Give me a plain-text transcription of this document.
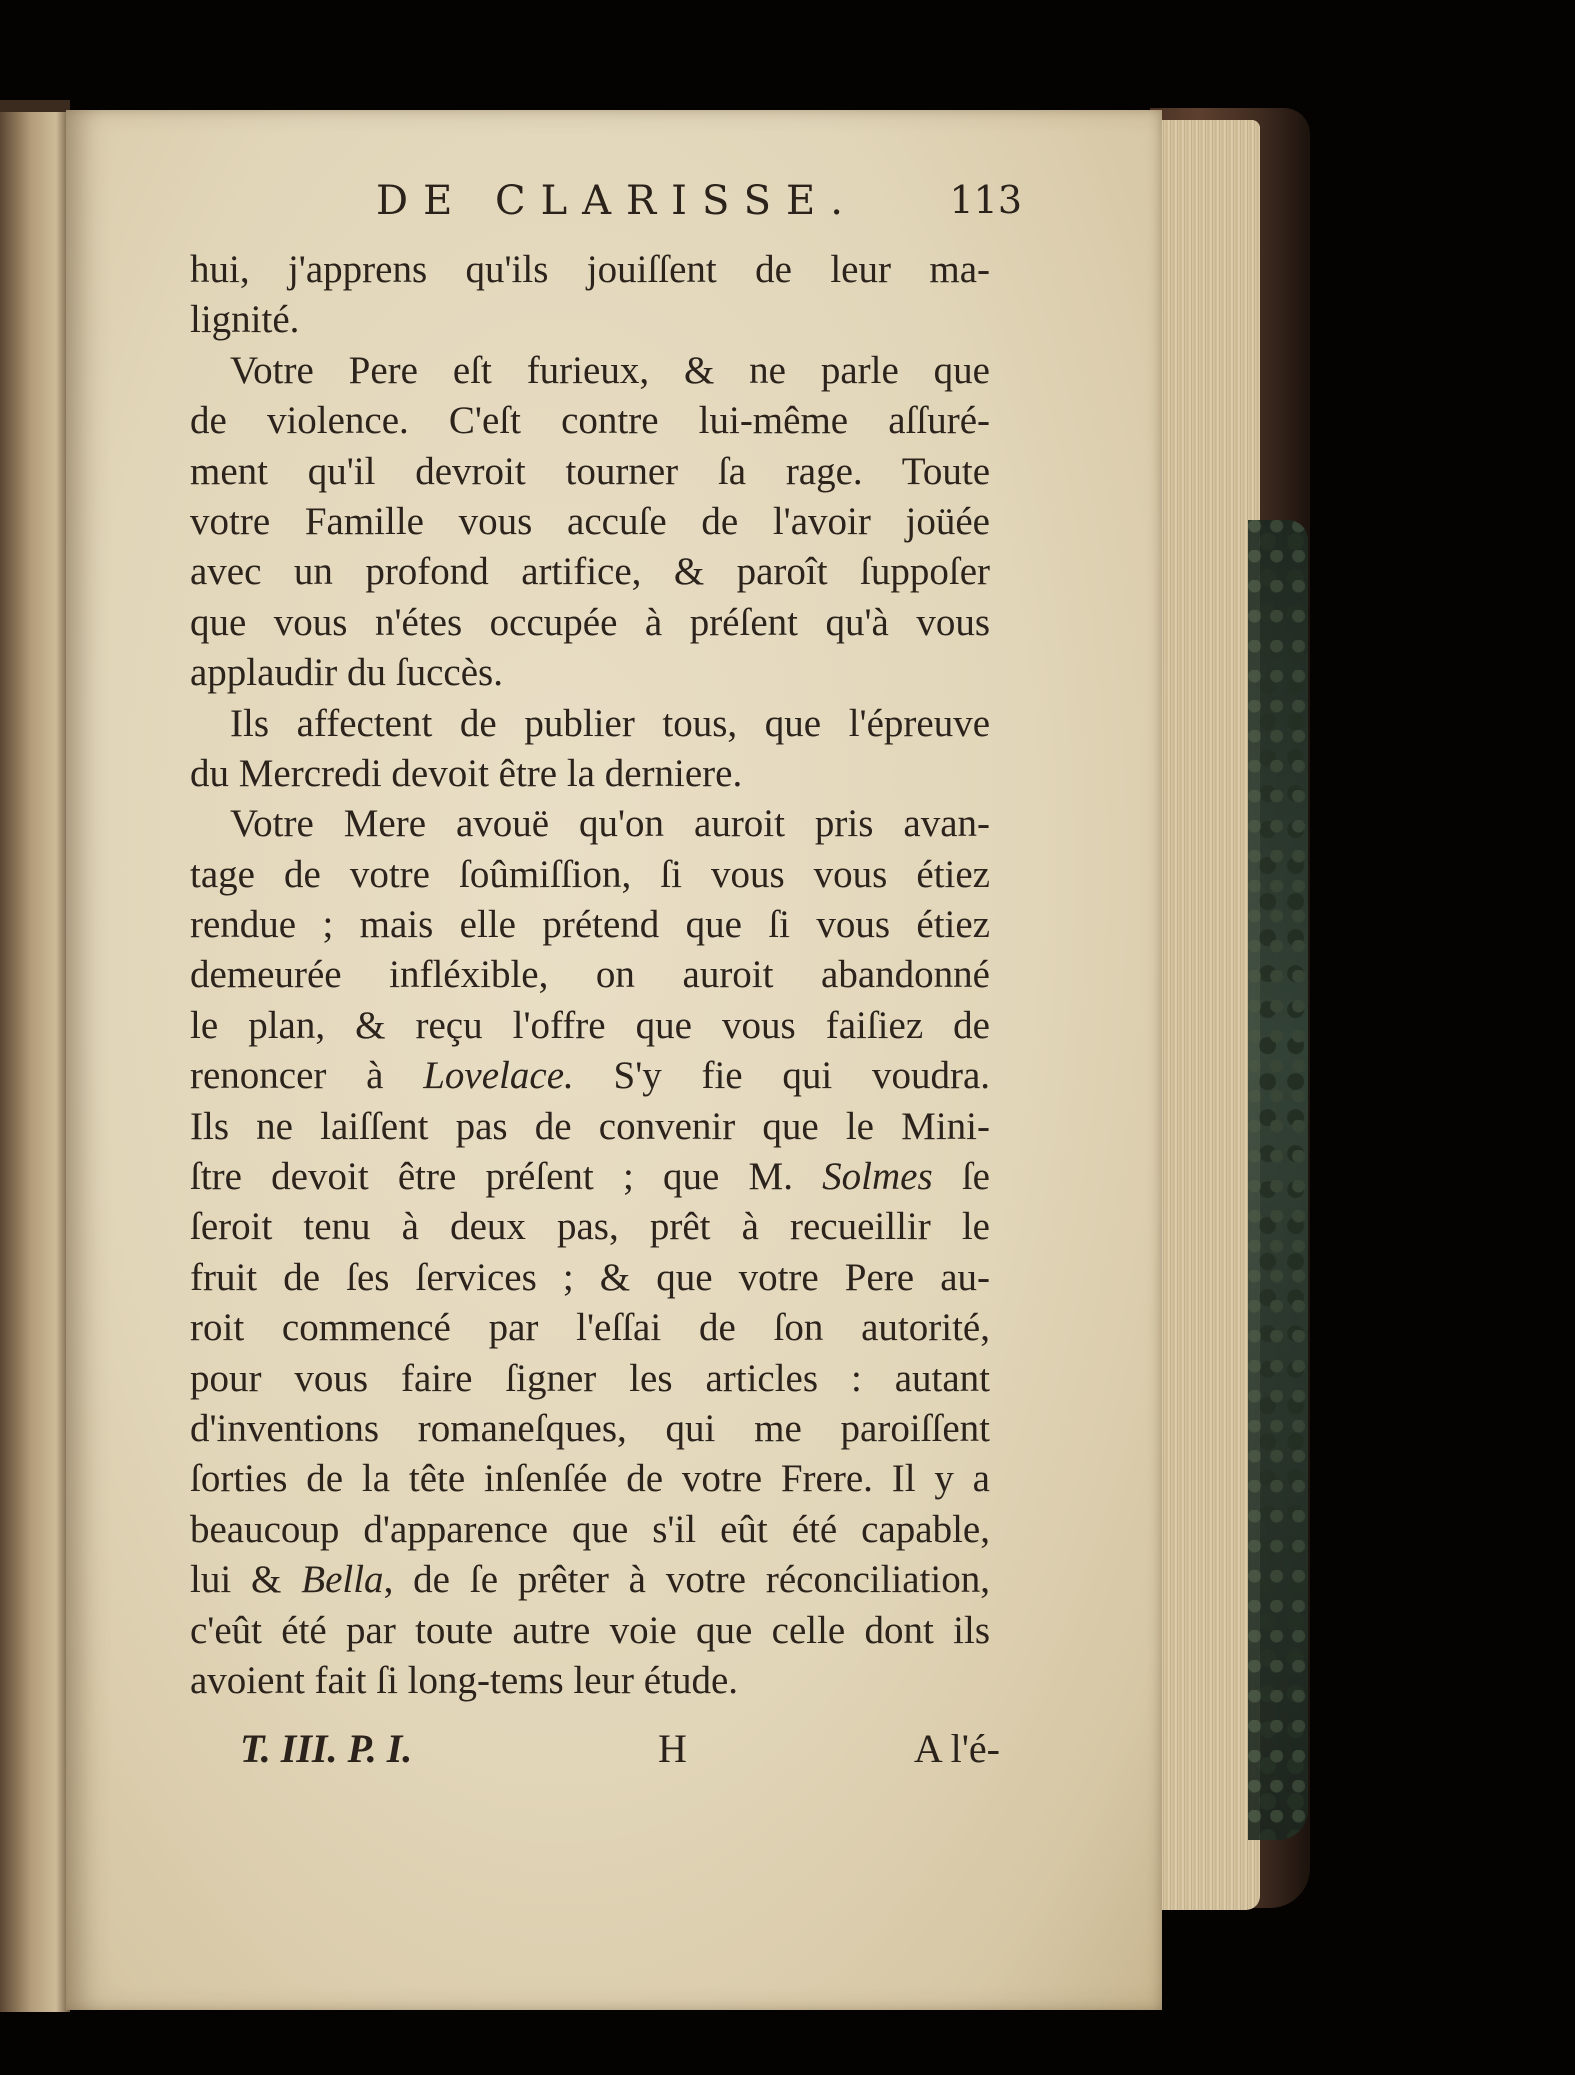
DE CLARISSE. 113
hui, j'apprens qu'ils jouiſſent de leur ma-
lignité.
Votre Pere eſt furieux, & ne parle que
de violence. C'eſt contre lui-même aſſuré-
ment qu'il devroit tourner ſa rage. Toute
votre Famille vous accuſe de l'avoir joüée
avec un profond artifice, & paroît ſuppoſer
que vous n'étes occupée à préſent qu'à vous
applaudir du ſuccès.
Ils affectent de publier tous, que l'épreuve
du Mercredi devoit être la derniere.
Votre Mere avouë qu'on auroit pris avan-
tage de votre ſoûmiſſion, ſi vous vous étiez
rendue ; mais elle prétend que ſi vous étiez
demeurée infléxible, on auroit abandonné
le plan, & reçu l'offre que vous faiſiez de
renoncer à Lovelace. S'y fie qui voudra.
Ils ne laiſſent pas de convenir que le Mini-
ſtre devoit être préſent ; que M. Solmes ſe
ſeroit tenu à deux pas, prêt à recueillir le
fruit de ſes ſervices ; & que votre Pere au-
roit commencé par l'eſſai de ſon autorité,
pour vous faire ſigner les articles : autant
d'inventions romaneſques, qui me paroiſſent
ſorties de la tête inſenſée de votre Frere. Il y a
beaucoup d'apparence que s'il eût été capable,
lui & Bella, de ſe prêter à votre réconciliation,
c'eût été par toute autre voie que celle dont ils
avoient fait ſi long-tems leur étude.
T. III. P. I.	H	A l'é-
